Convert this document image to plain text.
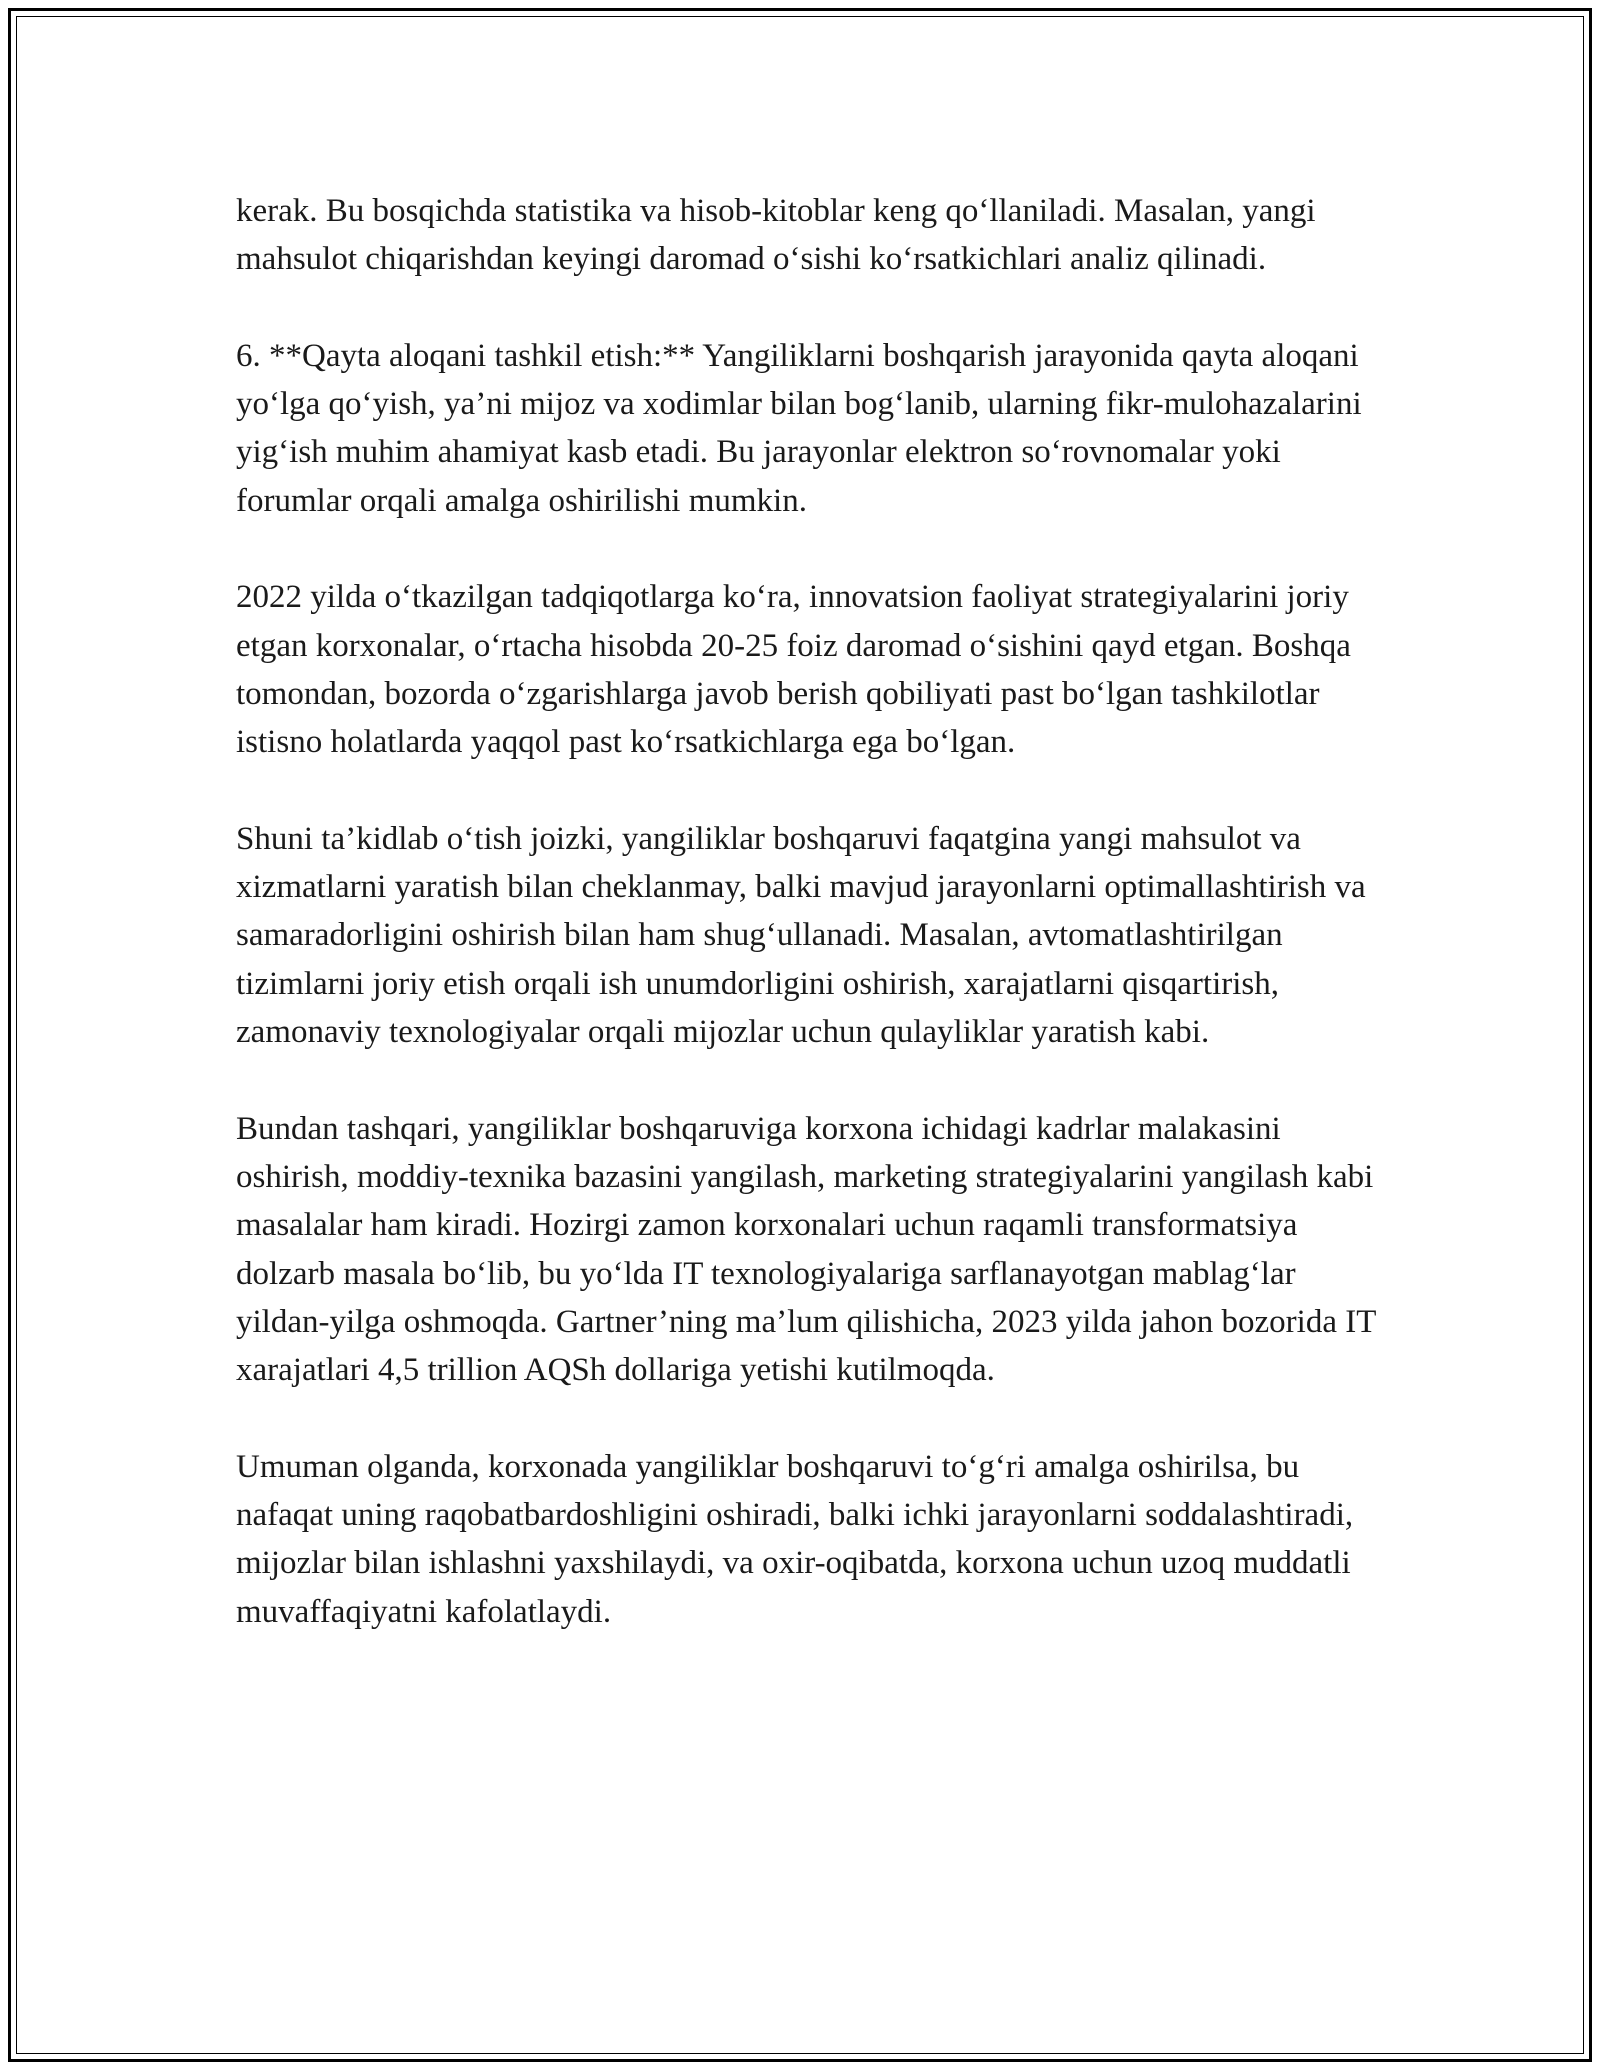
kerak. Bu bosqichda statistika va hisob-kitoblar keng qo‘llaniladi. Masalan, yangi mahsulot chiqarishdan keyingi daromad o‘sishi ko‘rsatkichlari analiz qilinadi.

6. **Qayta aloqani tashkil etish:** Yangiliklarni boshqarish jarayonida qayta aloqani yo‘lga qo‘yish, ya’ni mijoz va xodimlar bilan bog‘lanib, ularning fikr-mulohazalarini yig‘ish muhim ahamiyat kasb etadi. Bu jarayonlar elektron so‘rovnomalar yoki forumlar orqali amalga oshirilishi mumkin.

2022 yilda o‘tkazilgan tadqiqotlarga ko‘ra, innovatsion faoliyat strategiyalarini joriy etgan korxonalar, o‘rtacha hisobda 20-25 foiz daromad o‘sishini qayd etgan. Boshqa tomondan, bozorda o‘zgarishlarga javob berish qobiliyati past bo‘lgan tashkilotlar istisno holatlarda yaqqol past ko‘rsatkichlarga ega bo‘lgan.

Shuni ta’kidlab o‘tish joizki, yangiliklar boshqaruvi faqatgina yangi mahsulot va xizmatlarni yaratish bilan cheklanmay, balki mavjud jarayonlarni optimallashtirish va samaradorligini oshirish bilan ham shug‘ullanadi. Masalan, avtomatlashtirilgan tizimlarni joriy etish orqali ish unumdorligini oshirish, xarajatlarni qisqartirish, zamonaviy texnologiyalar orqali mijozlar uchun qulayliklar yaratish kabi.

Bundan tashqari, yangiliklar boshqaruviga korxona ichidagi kadrlar malakasini oshirish, moddiy-texnika bazasini yangilash, marketing strategiyalarini yangilash kabi masalalar ham kiradi. Hozirgi zamon korxonalari uchun raqamli transformatsiya dolzarb masala bo‘lib, bu yo‘lda IT texnologiyalariga sarflanayotgan mablag‘lar yildan-yilga oshmoqda. Gartner’ning ma’lum qilishicha, 2023 yilda jahon bozorida IT xarajatlari 4,5 trillion AQSh dollariga yetishi kutilmoqda.

Umuman olganda, korxonada yangiliklar boshqaruvi to‘g‘ri amalga oshirilsa, bu nafaqat uning raqobatbardoshligini oshiradi, balki ichki jarayonlarni soddalashtiradi, mijozlar bilan ishlashni yaxshilaydi, va oxir-oqibatda, korxona uchun uzoq muddatli muvaffaqiyatni kafolatlaydi.
